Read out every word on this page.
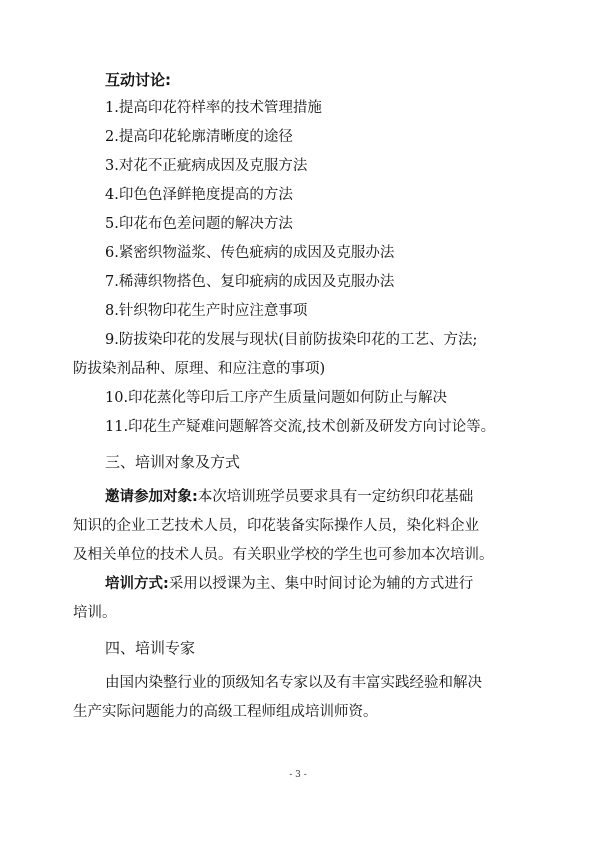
互动讨论:
1.提高印花符样率的技术管理措施
2.提高印花轮廓清晰度的途径
3.对花不正疵病成因及克服方法
4.印色色泽鲜艳度提高的方法
5.印花布色差问题的解决方法
6.紧密织物溢浆、传色疵病的成因及克服办法
7.稀薄织物搭色、复印疵病的成因及克服办法
8.针织物印花生产时应注意事项
9.防拔染印花的发展与现状(目前防拔染印花的工艺、方法;
防拔染剂品种、原理、和应注意的事项)
10.印花蒸化等印后工序产生质量问题如何防止与解决
11.印花生产疑难问题解答交流,技术创新及研发方向讨论等。
三、培训对象及方式
邀请参加对象:本次培训班学员要求具有一定纺织印花基础
知识的企业工艺技术人员，印花装备实际操作人员，染化料企业
及相关单位的技术人员。有关职业学校的学生也可参加本次培训。
培训方式:采用以授课为主、集中时间讨论为辅的方式进行
培训。
四、培训专家
由国内染整行业的顶级知名专家以及有丰富实践经验和解决
生产实际问题能力的高级工程师组成培训师资。
- 3 -
